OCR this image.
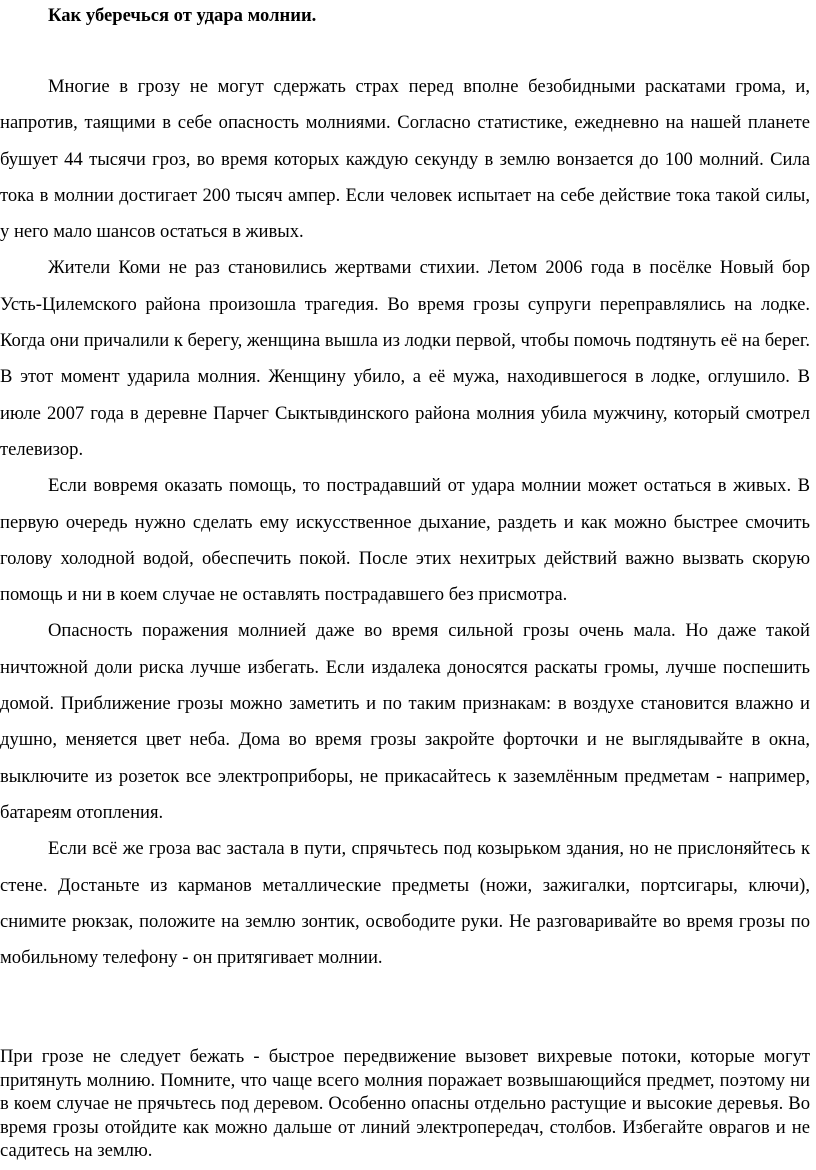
Как уберечься от удара молнии.

Многие в грозу не могут сдержать страх перед вполне безобидными раскатами грома, и, напротив, таящими в себе опасность молниями. Согласно статистике, ежедневно на нашей планете бушует 44 тысячи гроз, во время которых каждую секунду в землю вонзается до 100 молний. Сила тока в молнии достигает 200 тысяч ампер. Если человек испытает на себе действие тока такой силы, у него мало шансов остаться в живых.

Жители Коми не раз становились жертвами стихии. Летом 2006 года в посёлке Новый бор Усть-Цилемского района произошла трагедия. Во время грозы супруги переправлялись на лодке. Когда они причалили к берегу, женщина вышла из лодки первой, чтобы помочь подтянуть её на берег. В этот момент ударила молния. Женщину убило, а её мужа, находившегося в лодке, оглушило. В июле 2007 года в деревне Парчег Сыктывдинского района молния убила мужчину, который смотрел телевизор.

Если вовремя оказать помощь, то пострадавший от удара молнии может остаться в живых. В первую очередь нужно сделать ему искусственное дыхание, раздеть и как можно быстрее смочить голову холодной водой, обеспечить покой. После этих нехитрых действий важно вызвать скорую помощь и ни в коем случае не оставлять пострадавшего без присмотра.

Опасность поражения молнией даже во время сильной грозы очень мала. Но даже такой ничтожной доли риска лучше избегать. Если издалека доносятся раскаты громы, лучше поспешить домой. Приближение грозы можно заметить и по таким признакам: в воздухе становится влажно и душно, меняется цвет неба. Дома во время грозы закройте форточки и не выглядывайте в окна, выключите из розеток все электроприборы, не прикасайтесь к заземлённым предметам - например, батареям отопления.

Если всё же гроза вас застала в пути, спрячьтесь под козырьком здания, но не прислоняйтесь к стене. Достаньте из карманов металлические предметы (ножи, зажигалки, портсигары, ключи), снимите рюкзак, положите на землю зонтик, освободите руки. Не разговаривайте во время грозы по мобильному телефону - он притягивает молнии.

При грозе не следует бежать - быстрое передвижение вызовет вихревые потоки, которые могут притянуть молнию. Помните, что чаще всего молния поражает возвышающийся предмет, поэтому ни в коем случае не прячьтесь под деревом. Особенно опасны отдельно растущие и высокие деревья. Во время грозы отойдите как можно дальше от линий электропередач, столбов. Избегайте оврагов и не садитесь на землю.
